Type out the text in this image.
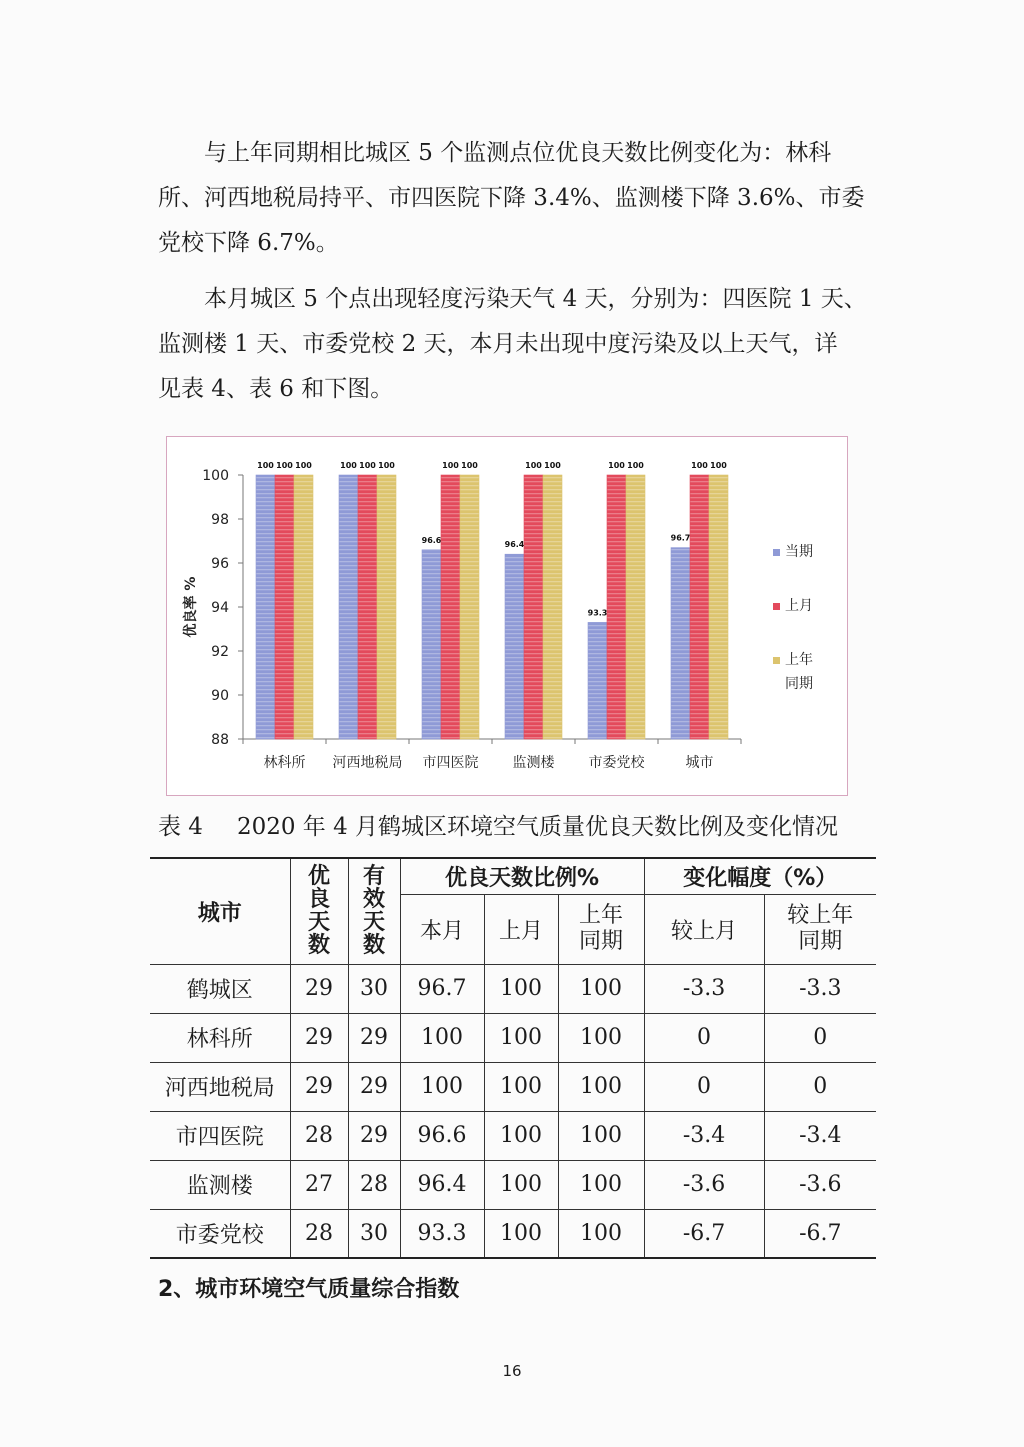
　　与上年同期相比城区 5 个监测点位优良天数比例变化为：林科
所、河西地税局持平、市四医院下降 3.4%、监测楼下降 3.6%、市委
党校下降 6.7%。

　　本月城区 5 个点出现轻度污染天气 4 天，分别为：四医院 1 天、
监测楼 1 天、市委党校 2 天，本月未出现中度污染及以上天气，详
见表 4、表 6 和下图。

88
90
92
94
96
98
100
优良率 %
100 100 100
林科所
100 100 100
河西地税局
96.6
100 100
市四医院
96.4
100 100
监测楼
93.3
100 100
市委党校
96.7
100 100
城市
当期
上月
上年
同期
表 4 2020 年 4 月鹤城区环境空气质量优良天数比例及变化情况
城市	优
良
天
数	有
效
天
数	优良天数比例%			变化幅度（%）	
			本月	上月	上年
同期	较上月	较上年
同期

鹤城区	29	30	96.7	100	100	-3.3	-3.3
林科所	29	29	100	100	100	0	0
河西地税局	29	29	100	100	100	0	0
市四医院	28	29	96.6	100	100	-3.4	-3.4
监测楼	27	28	96.4	100	100	-3.6	-3.6
市委党校	28	30	93.3	100	100	-6.7	-6.7
2、城市环境空气质量综合指数
16
